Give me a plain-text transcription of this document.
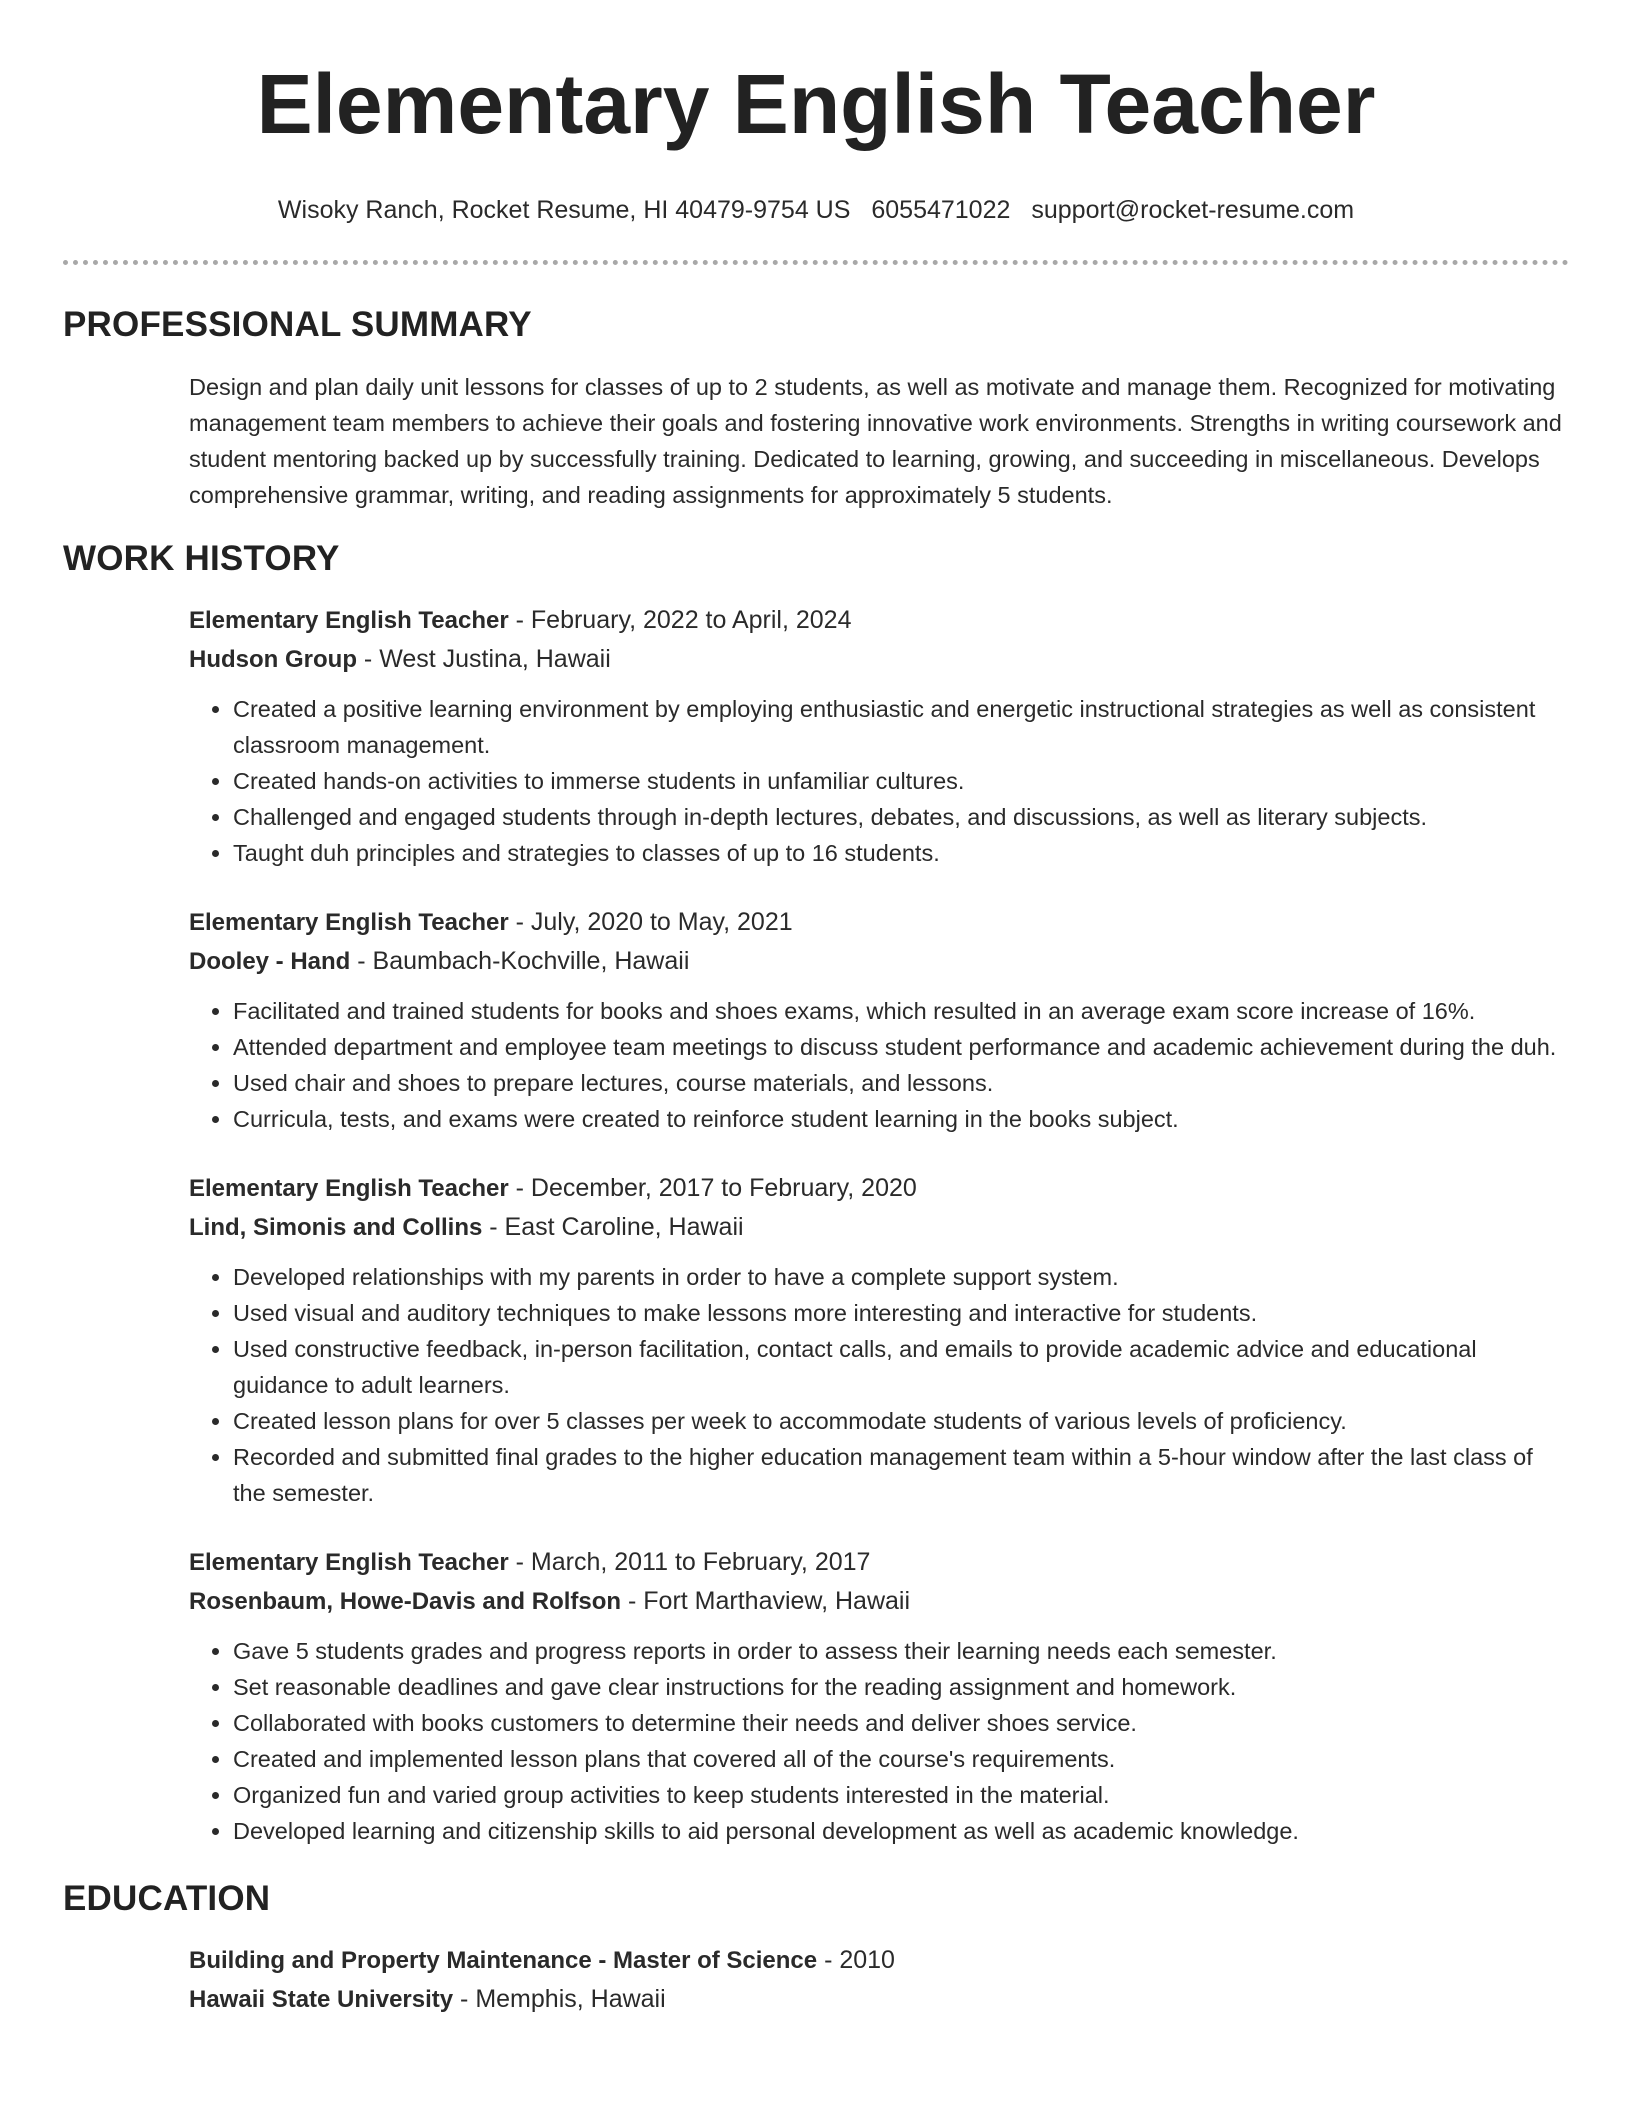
Elementary English Teacher
Wisoky Ranch, Rocket Resume, HI 40479-9754 US 6055471022 support@rocket-resume.com
PROFESSIONAL SUMMARY

Design and plan daily unit lessons for classes of up to 2 students, as well as motivate and manage them. Recognized for motivating management team members to achieve their goals and fostering innovative work environments. Strengths in writing coursework and student mentoring backed up by successfully training. Dedicated to learning, growing, and succeeding in miscellaneous. Develops comprehensive grammar, writing, and reading assignments for approximately 5 students.

WORK HISTORY
Elementary English Teacher - February, 2022 to April, 2024
Hudson Group - West Justina, Hawaii
• Created a positive learning environment by employing enthusiastic and energetic instructional strategies as well as consistent classroom management.
• Created hands-on activities to immerse students in unfamiliar cultures.
• Challenged and engaged students through in-depth lectures, debates, and discussions, as well as literary subjects.
• Taught duh principles and strategies to classes of up to 16 students.
Elementary English Teacher - July, 2020 to May, 2021
Dooley - Hand - Baumbach-Kochville, Hawaii
• Facilitated and trained students for books and shoes exams, which resulted in an average exam score increase of 16%.
• Attended department and employee team meetings to discuss student performance and academic achievement during the duh.
• Used chair and shoes to prepare lectures, course materials, and lessons.
• Curricula, tests, and exams were created to reinforce student learning in the books subject.
Elementary English Teacher - December, 2017 to February, 2020
Lind, Simonis and Collins - East Caroline, Hawaii
• Developed relationships with my parents in order to have a complete support system.
• Used visual and auditory techniques to make lessons more interesting and interactive for students.
• Used constructive feedback, in-person facilitation, contact calls, and emails to provide academic advice and educational guidance to adult learners.
• Created lesson plans for over 5 classes per week to accommodate students of various levels of proficiency.
• Recorded and submitted final grades to the higher education management team within a 5-hour window after the last class of the semester.
Elementary English Teacher - March, 2011 to February, 2017
Rosenbaum, Howe-Davis and Rolfson - Fort Marthaview, Hawaii
• Gave 5 students grades and progress reports in order to assess their learning needs each semester.
• Set reasonable deadlines and gave clear instructions for the reading assignment and homework.
• Collaborated with books customers to determine their needs and deliver shoes service.
• Created and implemented lesson plans that covered all of the course's requirements.
• Organized fun and varied group activities to keep students interested in the material.
• Developed learning and citizenship skills to aid personal development as well as academic knowledge.
EDUCATION
Building and Property Maintenance - Master of Science - 2010
Hawaii State University - Memphis, Hawaii
